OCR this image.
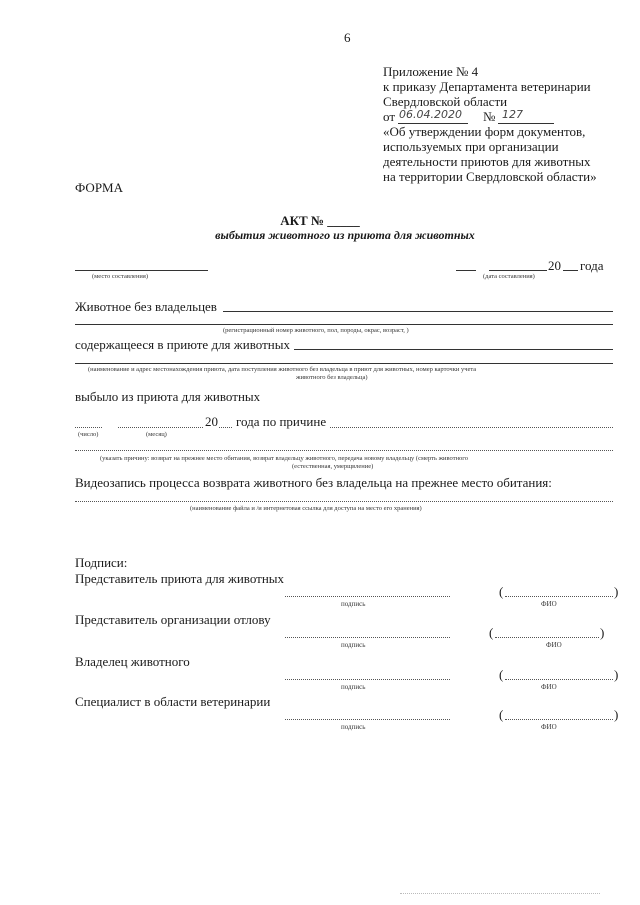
6
Приложение № 4
к приказу Департамента ветеринарии
Свердловской области
от 06.04.2020 № 127
«Об утверждении форм документов,
используемых при организации
деятельности приютов для животных
на территории Свердловской области»
ФОРМА
АКТ № _____
выбытия животного из приюта для животных
(место составления)
20 года
(дата составления)
Животное без владельцев
(регистрационный номер животного, пол, породы, окрас, возраст, )
содержащееся в приюте для животных
(наименование и адрес местонахождения приюта, дата поступления животного без владельца в приют для животных, номер карточки учета
животного без владельца)
выбыло из приюта для животных
20 года по причине
(число)	(месяц)
(указать причину: возврат на прежнее место обитания, возврат владельцу животного, передача новому владельцу (смерть животного
(естественная, умерщвление)
Видеозапись процесса возврата животного без владельца на прежнее место обитания:
(наименование файла и /и интернетовая ссылка для доступа на место его хранения)
Подписи:
Представитель приюта для животных
подпись
(	)
ФИО
Представитель организации отлову
подпись
(	)
ФИО
Владелец животного
подпись
(	)
ФИО
Специалист в области ветеринарии
подпись
(	)
ФИО
